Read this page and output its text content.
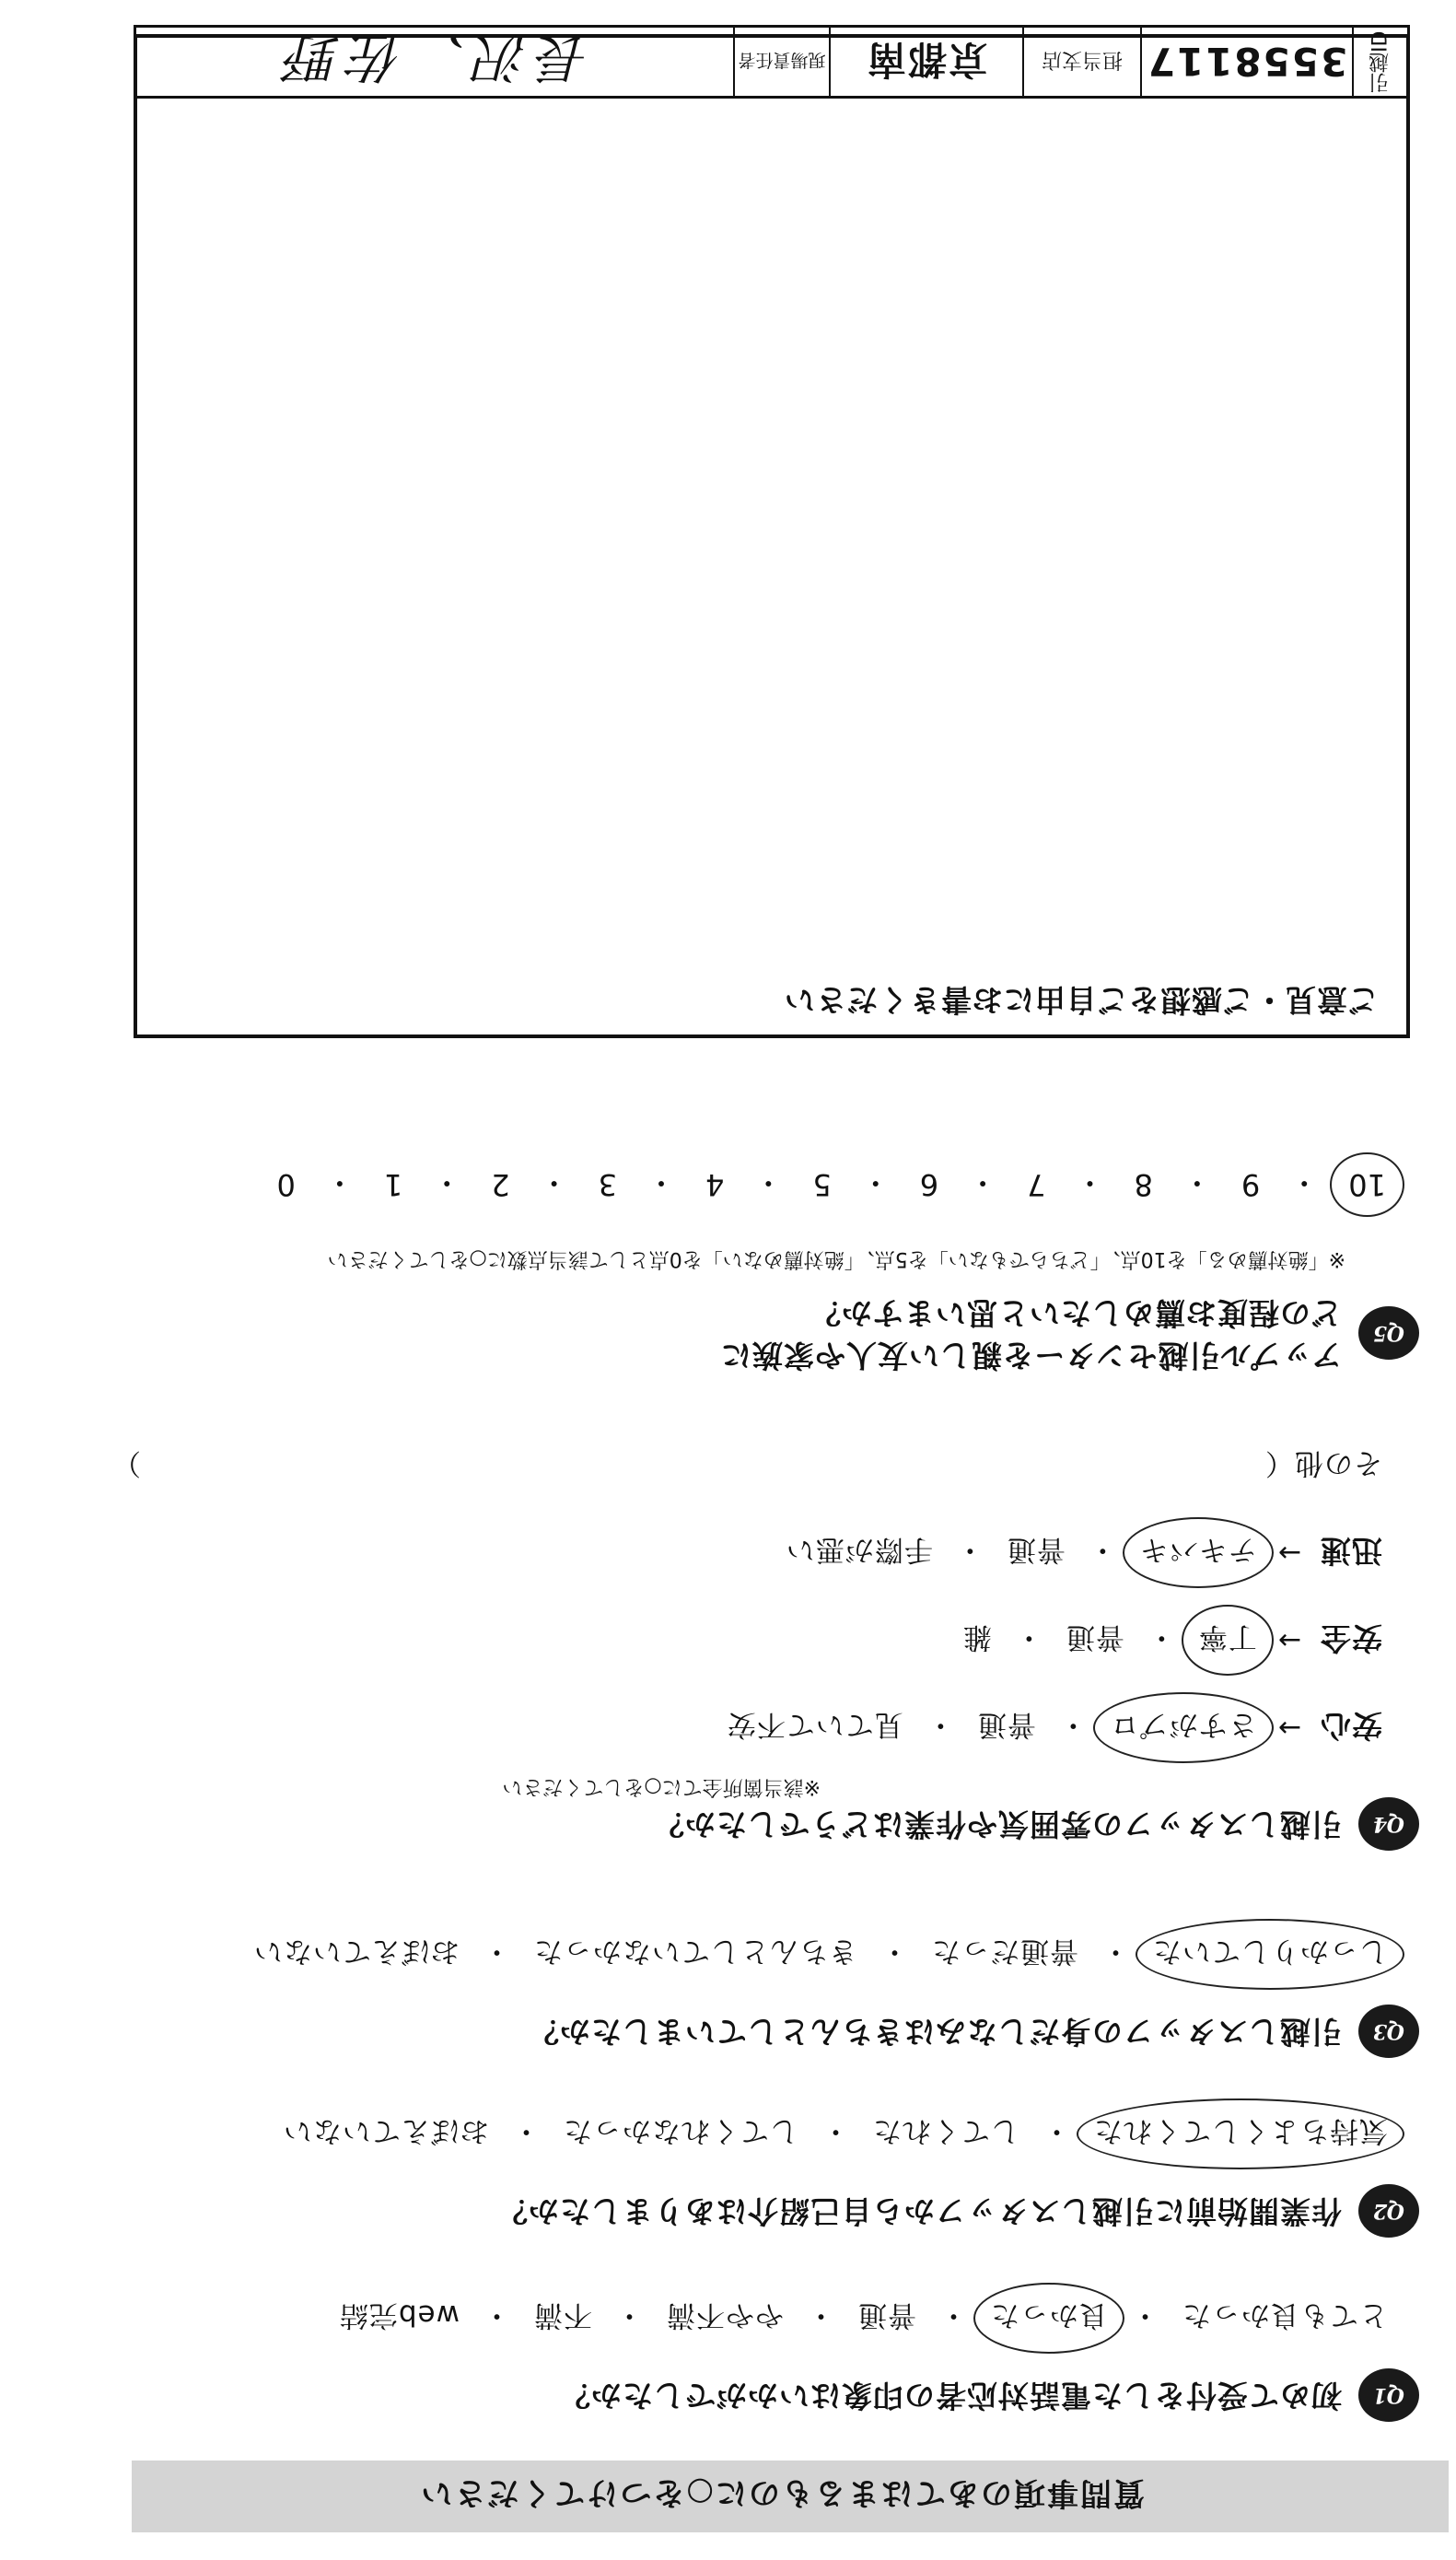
質問事項のあてはまるものに○をつけてください
Q1
初めて受付をした電話対応者の印象はいかがでしたか？
とても良かった
・
良かった
・
普通
・
やや不満
・
不満
・
web完結
Q2
作業開始前に引越しスタッフから自己紹介はありましたか？
気持ちよくしてくれた
・
してくれた
・
してくれなかった
・
おぼえていない
Q3
引越しスタッフの身だしなみはきちんとしていましたか？
しっかりしていた
・
普通だった
・
きちんとしていなかった
・
おぼえていない
Q4
引越しスタッフの雰囲気や作業はどうでしたか？
※該当箇所全てに○をしてください
安心
→
さすがプロ
・
普通
・
見ていて不安
安全
→
丁寧
・
普通
・
雑
迅速
→
テキパキ
・
普通
・
手際が悪い
その他（
）
Q5
アップル引越センターを親しい友人や家族に
どの程度お薦めしたいと思いますか？
※「絶対薦める」を10点、「どちらでもない」を5点、「絶対薦めない」を0点として該当点数に○をしてください
10
・
9
・
8
・
7
・
6
・
5
・
4
・
3
・
2
・
1
・
0
ご意見・ご感想をご自由にお書きください
引越ID
3558117
担当支店
京都南
現場責任者
長沢、佐野
